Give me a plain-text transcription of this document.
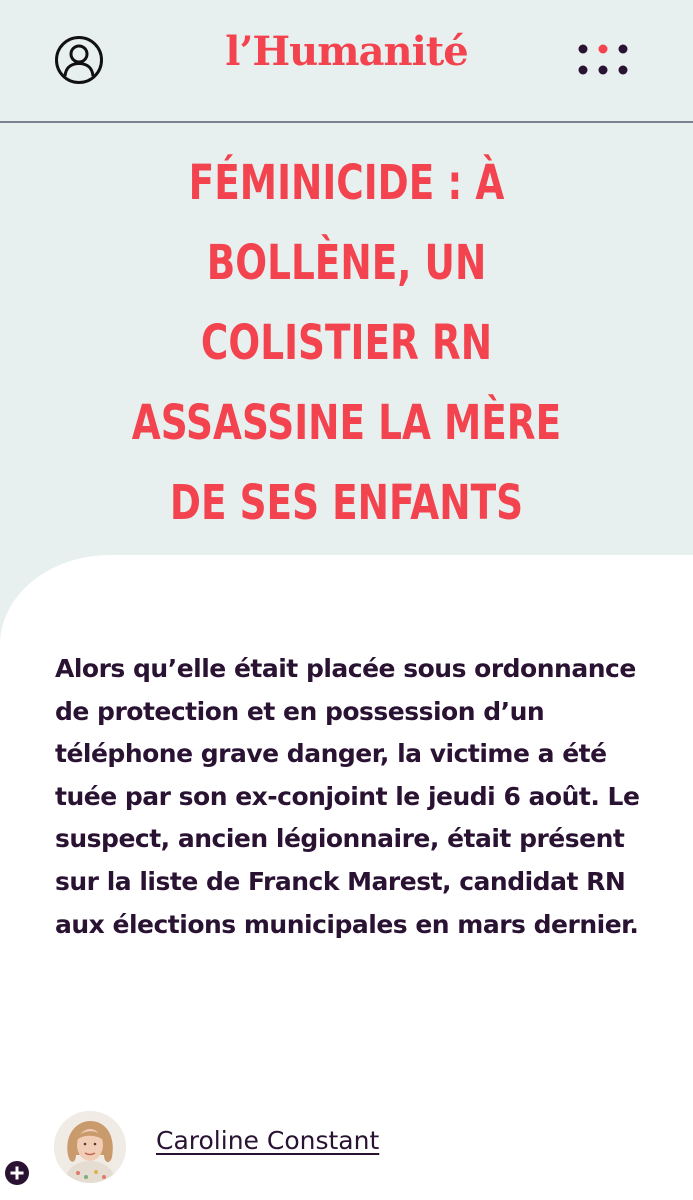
l’Humanité
FÉMINICIDE : À BOLLÈNE, UN COLISTIER RN ASSASSINE LA MÈRE DE SES ENFANTS

Alors qu’elle était placée sous ordonnance de protection et en possession d’un téléphone grave danger, la victime a été tuée par son ex-conjoint le jeudi 6 août. Le suspect, ancien légionnaire, était présent sur la liste de Franck Marest, candidat RN aux élections municipales en mars dernier.

Caroline Constant
